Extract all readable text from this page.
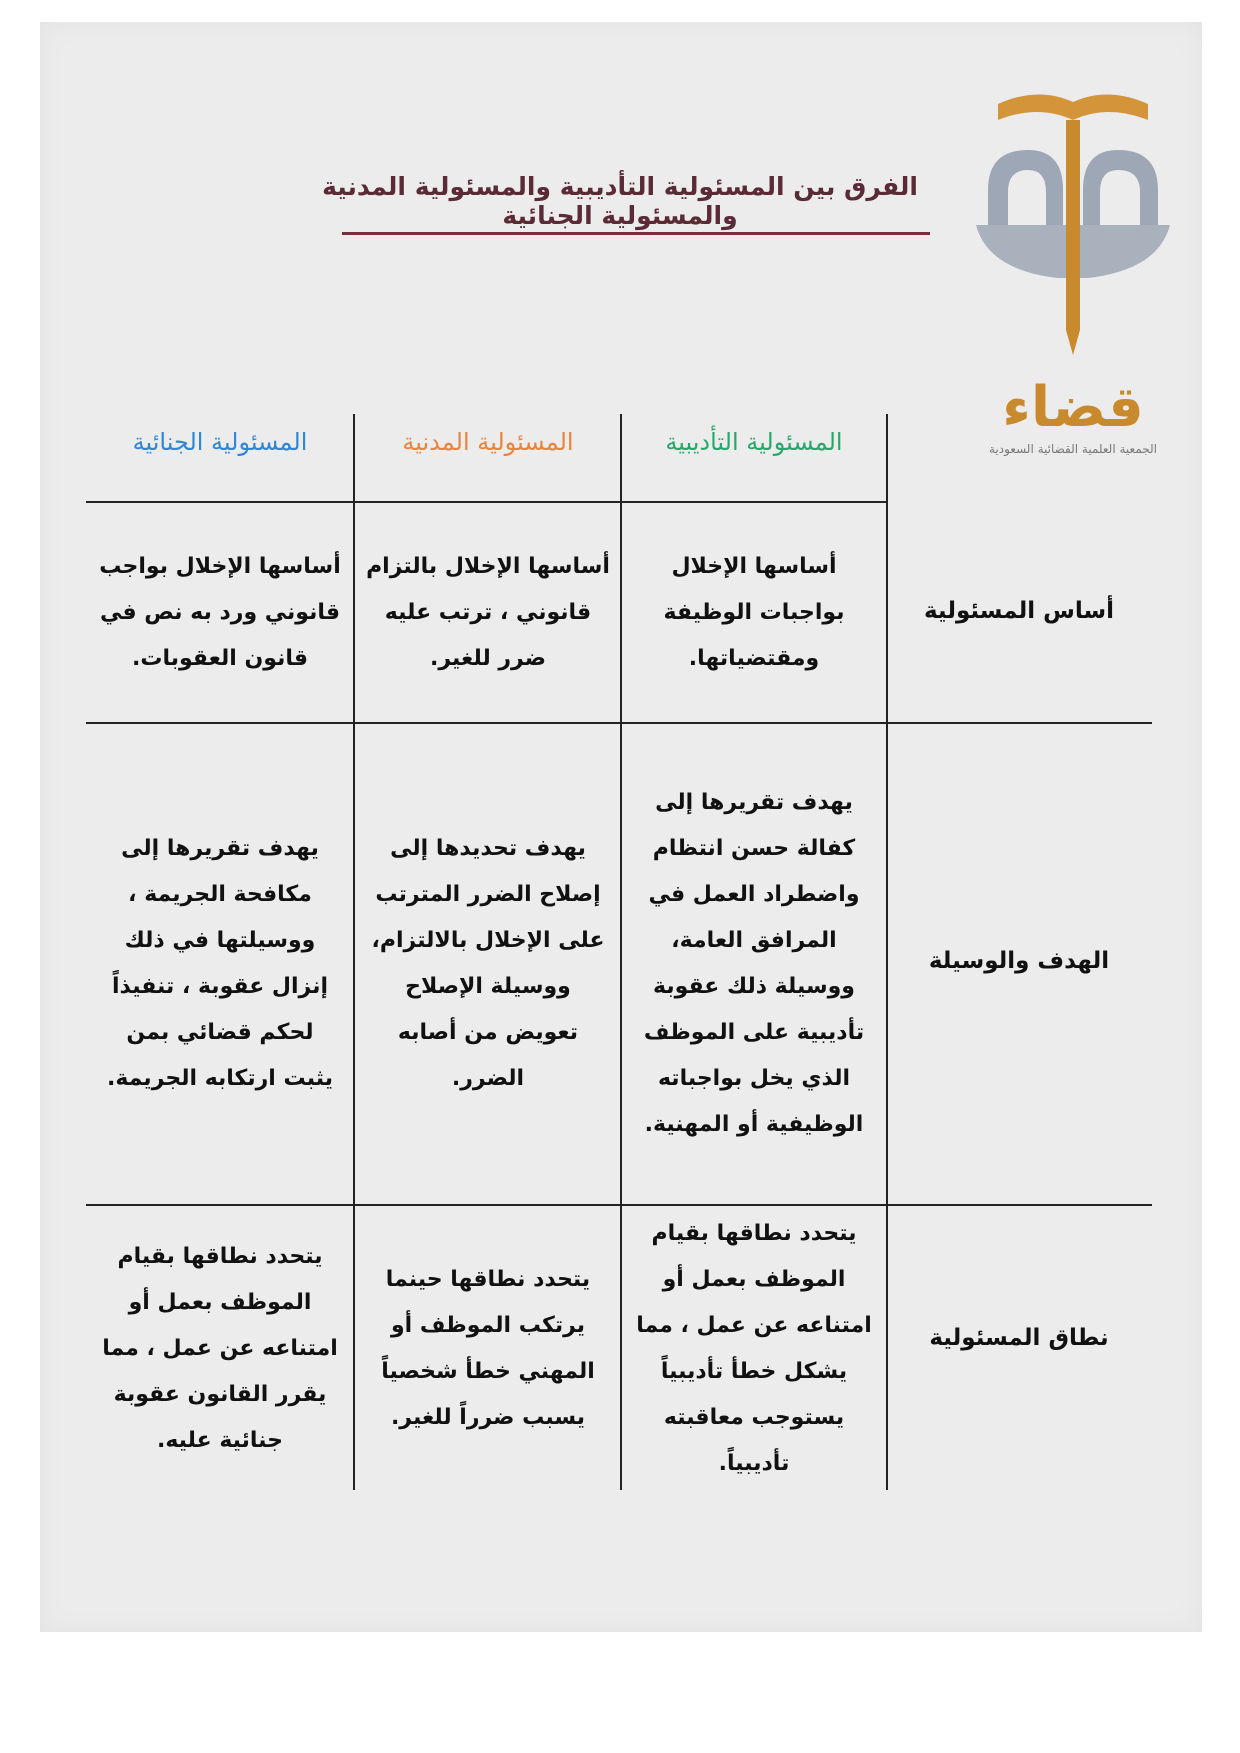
قضاء
الجمعية العلمية القضائية السعودية
الفرق بين المسئولية التأديبية والمسئولية المدنية والمسئولية الجنائية
المسئولية التأديبية
المسئولية المدنية
المسئولية الجنائية
أساس المسئولية
الهدف والوسيلة
نطاق المسئولية
أساسها الإخلال بواجبات الوظيفة ومقتضياتها.
أساسها الإخلال بالتزام قانوني ، ترتب عليه ضرر للغير.
أساسها الإخلال بواجب قانوني ورد به نص في قانون العقوبات.
يهدف تقريرها إلى كفالة حسن انتظام واضطراد العمل في المرافق العامة، ووسيلة ذلك عقوبة تأديبية على الموظف الذي يخل بواجباته الوظيفية أو المهنية.
يهدف تحديدها إلى إصلاح الضرر المترتب على الإخلال بالالتزام، ووسيلة الإصلاح تعويض من أصابه الضرر.
يهدف تقريرها إلى مكافحة الجريمة ، ووسيلتها في ذلك إنزال عقوبة ، تنفيذاً لحكم قضائي بمن يثبت ارتكابه الجريمة.
يتحدد نطاقها بقيام الموظف بعمل أو امتناعه عن عمل ، مما يشكل خطأ تأديبياً يستوجب معاقبته تأديبياً.
يتحدد نطاقها حينما يرتكب الموظف أو المهني خطأ شخصياً يسبب ضرراً للغير.
يتحدد نطاقها بقيام الموظف بعمل أو امتناعه عن عمل ، مما يقرر القانون عقوبة جنائية عليه.
